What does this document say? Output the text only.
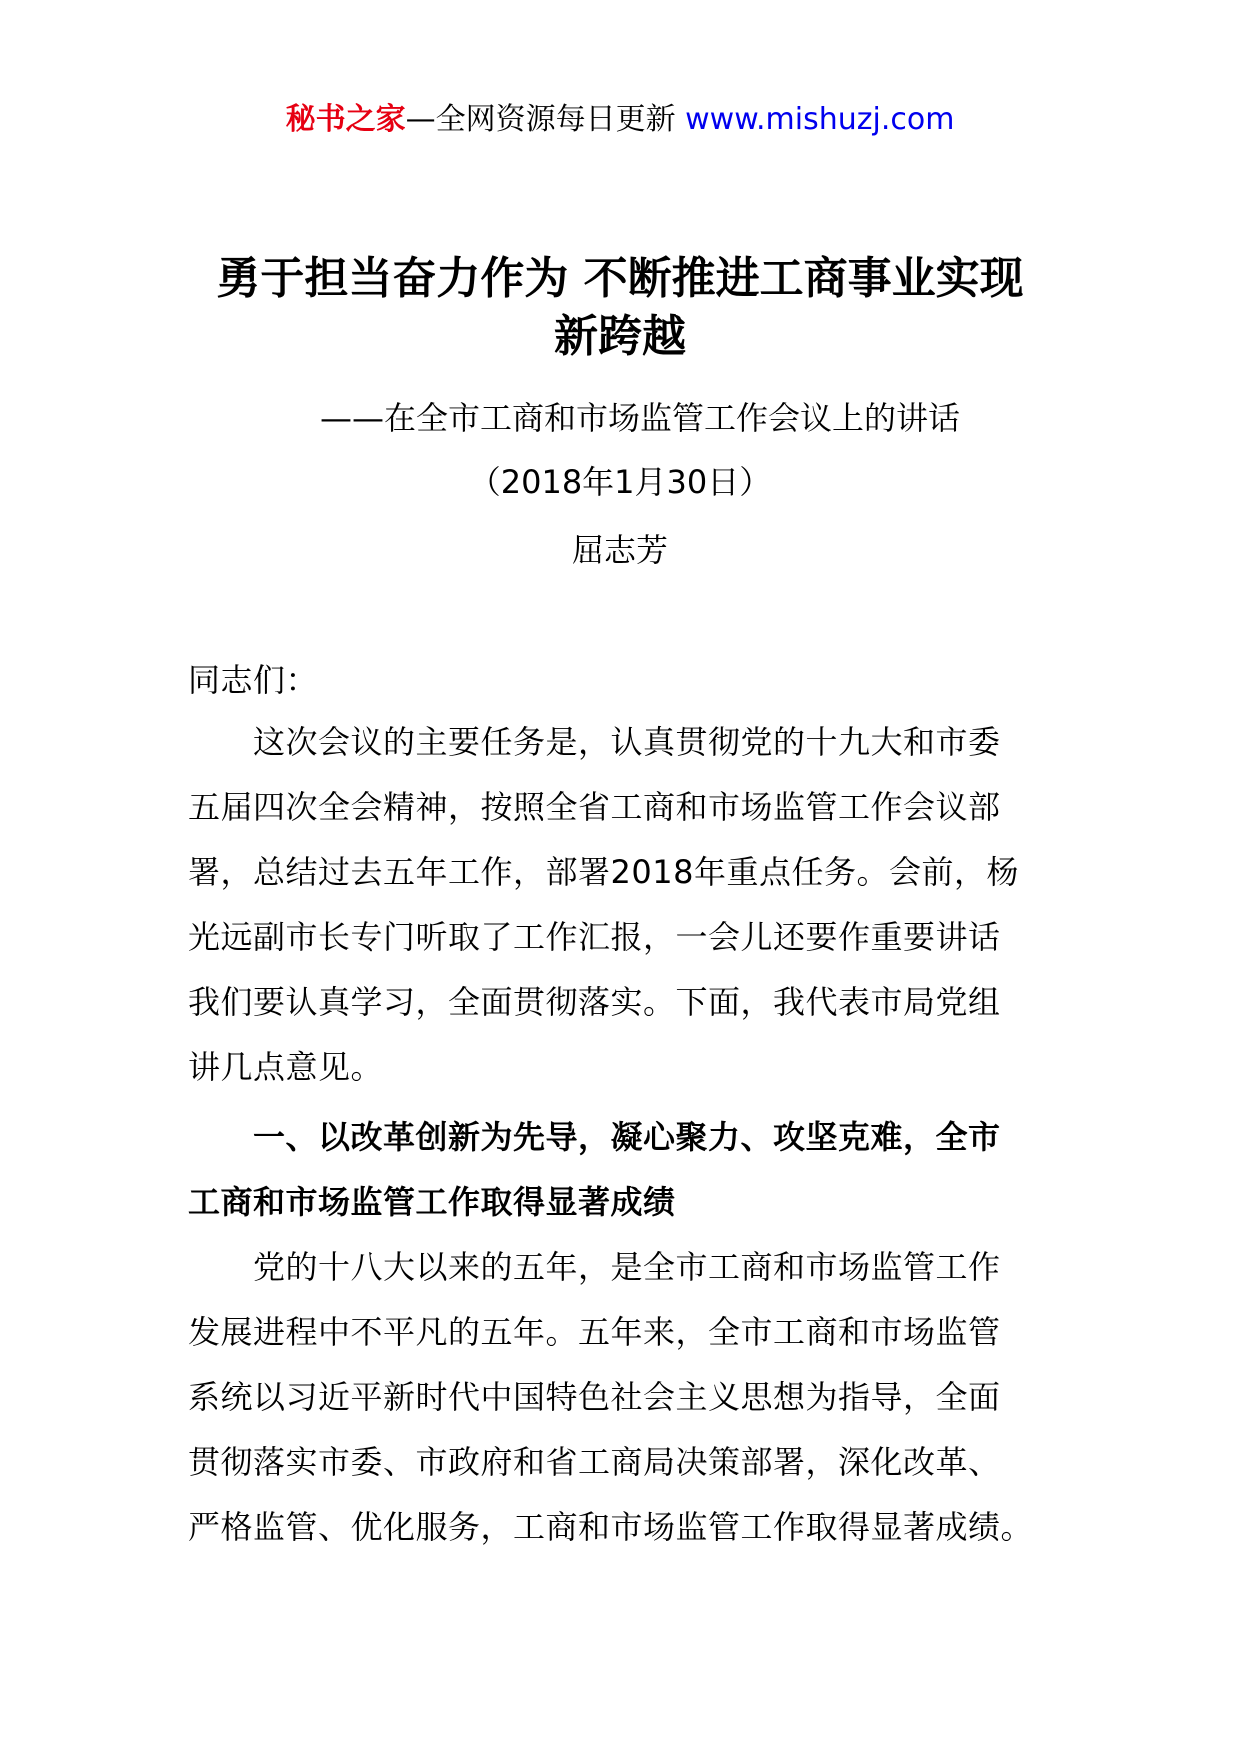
秘书之家—全网资源每日更新 www.mishuzj.com
勇于担当奋力作为 不断推进工商事业实现
新跨越
——在全市工商和市场监管工作会议上的讲话
（2018年1月30日）
屈志芳
同志们：
　　这次会议的主要任务是，认真贯彻党的十九大和市委
五届四次全会精神，按照全省工商和市场监管工作会议部
署，总结过去五年工作，部署2018年重点任务。会前，杨
光远副市长专门听取了工作汇报，一会儿还要作重要讲话
我们要认真学习，全面贯彻落实。下面，我代表市局党组
讲几点意见。
　　一、以改革创新为先导，凝心聚力、攻坚克难，全市
工商和市场监管工作取得显著成绩
　　党的十八大以来的五年，是全市工商和市场监管工作
发展进程中不平凡的五年。五年来，全市工商和市场监管
系统以习近平新时代中国特色社会主义思想为指导，全面
贯彻落实市委、市政府和省工商局决策部署，深化改革、
严格监管、优化服务，工商和市场监管工作取得显著成绩。
